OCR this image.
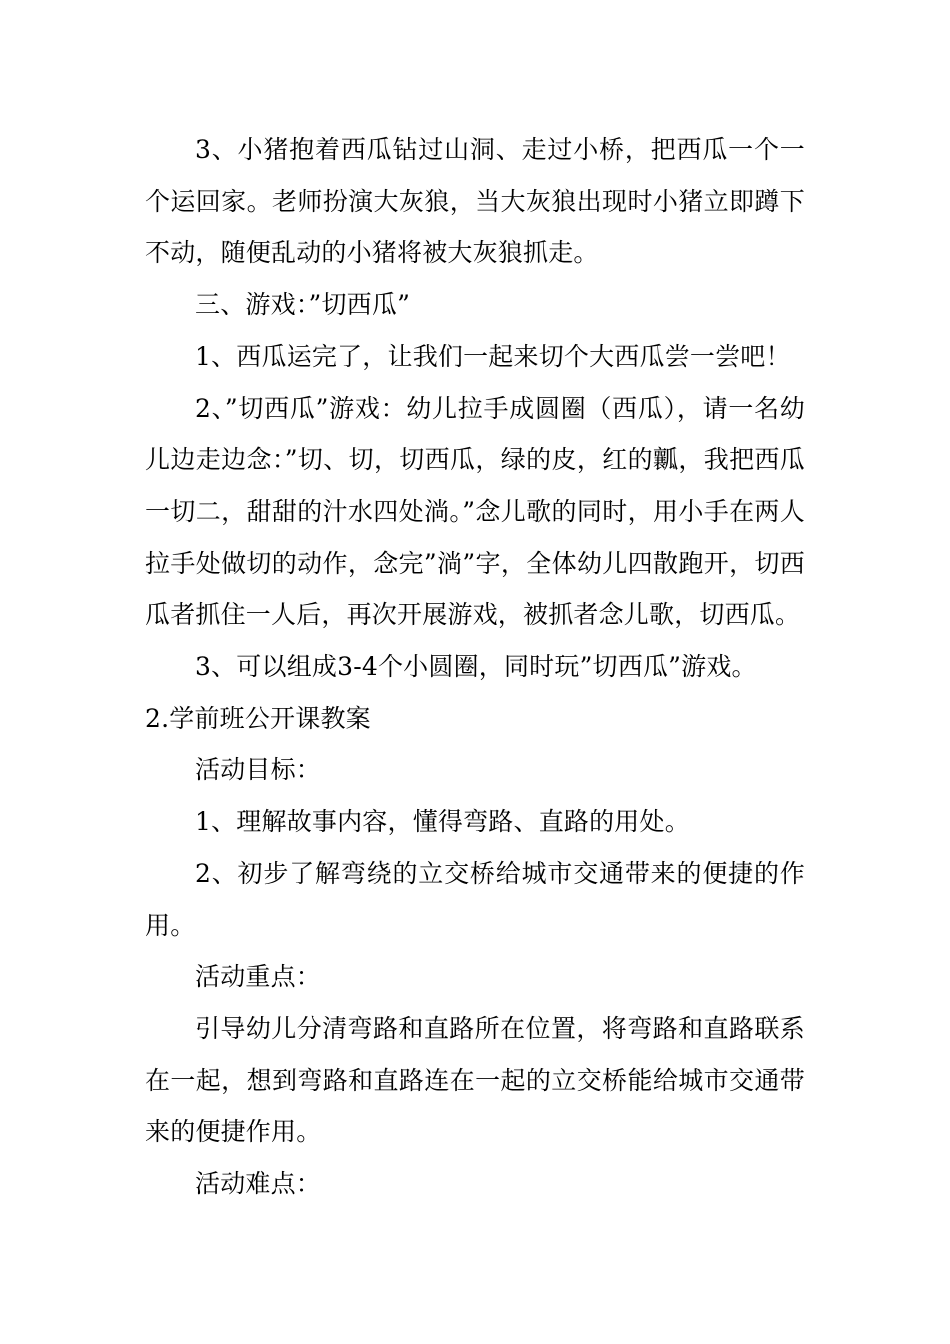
3、小猪抱着西瓜钻过山洞、走过小桥，把西瓜一个一个运回家。老师扮演大灰狼，当大灰狼出现时小猪立即蹲下不动，随便乱动的小猪将被大灰狼抓走。

三、游戏：”切西瓜”

1、西瓜运完了，让我们一起来切个大西瓜尝一尝吧！

2、”切西瓜”游戏：幼儿拉手成圆圈（西瓜），请一名幼儿边走边念：”切、切，切西瓜，绿的皮，红的瓤，我把西瓜一切二，甜甜的汁水四处淌。”念儿歌的同时，用小手在两人拉手处做切的动作，念完”淌”字，全体幼儿四散跑开，切西瓜者抓住一人后，再次开展游戏，被抓者念儿歌，切西瓜。

3、可以组成3-4个小圆圈，同时玩”切西瓜”游戏。

2.学前班公开课教案

活动目标：

1、理解故事内容，懂得弯路、直路的用处。

2、初步了解弯绕的立交桥给城市交通带来的便捷的作用。

活动重点：

引导幼儿分清弯路和直路所在位置，将弯路和直路联系在一起，想到弯路和直路连在一起的立交桥能给城市交通带来的便捷作用。

活动难点：
